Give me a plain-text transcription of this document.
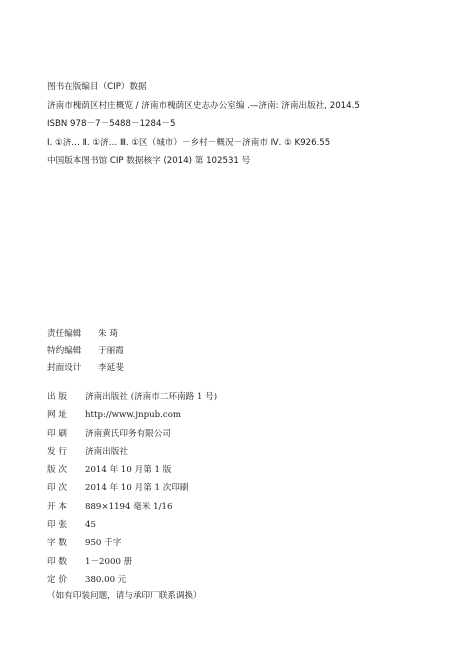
图书在版编目（CIP）数据
济南市槐荫区村庄概览 / 济南市槐荫区史志办公室编 .—济南: 济南出版社, 2014.5
ISBN 978－7－5488－1284－5
Ⅰ. ①济… Ⅱ. ①济… Ⅲ. ①区（城市）－乡村－概况－济南市 Ⅳ. ① K926.55
中国版本图书馆 CIP 数据核字 (2014) 第 102531 号
责任编辑 朱 琦
特约编辑 于丽霞
封面设计 李延斐
出 版 济南出版社 (济南市二环南路 1 号)
网 址 http://www.jnpub.com
印 刷 济南黄氏印务有限公司
发 行 济南出版社
版 次 2014 年 10 月第 1 版
印 次 2014 年 10 月第 1 次印刷
开 本 889×1194 毫米 1/16
印 张 45
字 数 950 千字
印 数 1－2000 册
定 价 380.00 元
（如有印装问题，请与承印厂联系调换）
